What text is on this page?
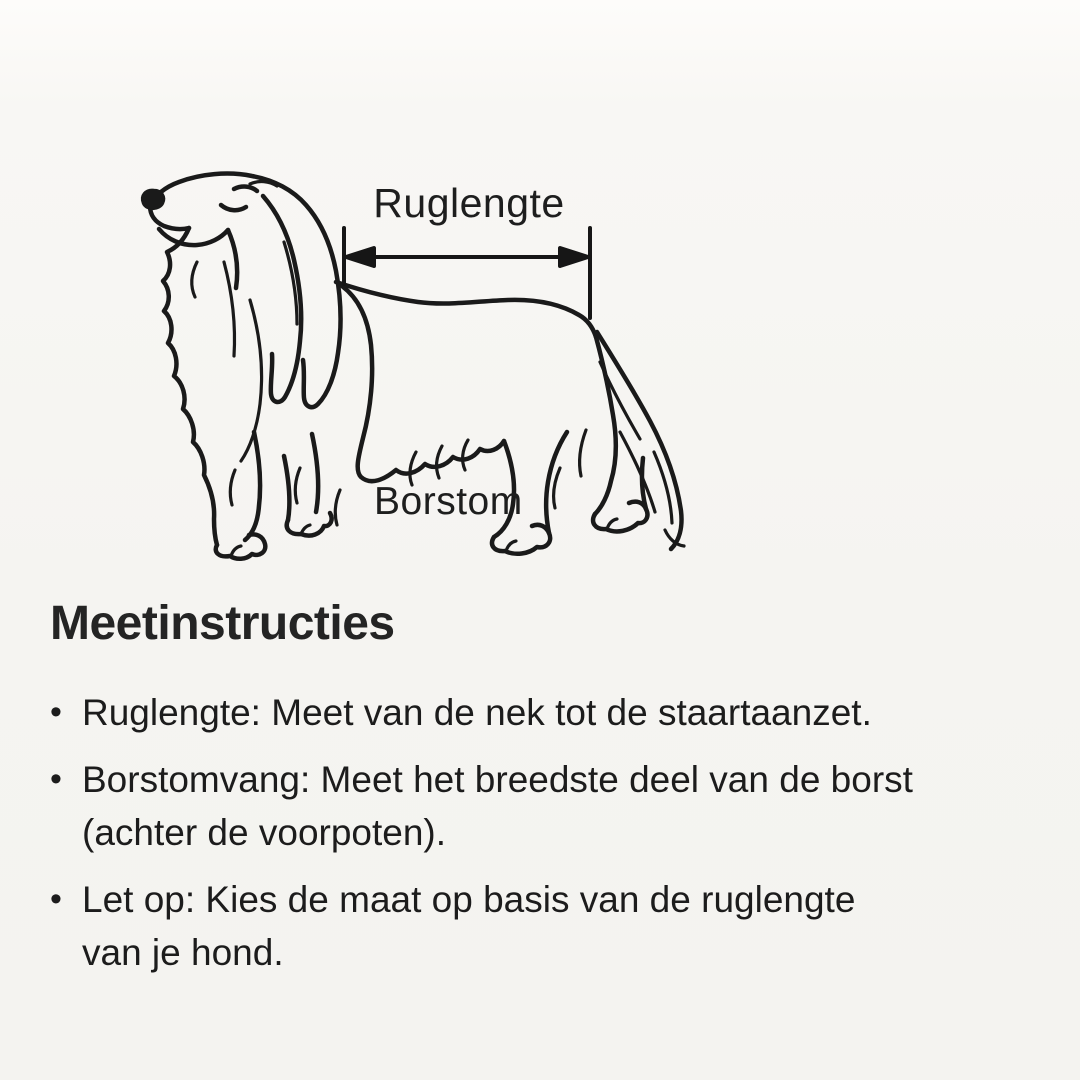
Ruglengte
Borstom
Meetinstructies
• Ruglengte: Meet van de nek tot de staartaanzet.
• Borstomvang: Meet het breedste deel van de borst
(achter de voorpoten).
• Let op: Kies de maat op basis van de ruglengte
van je hond.
